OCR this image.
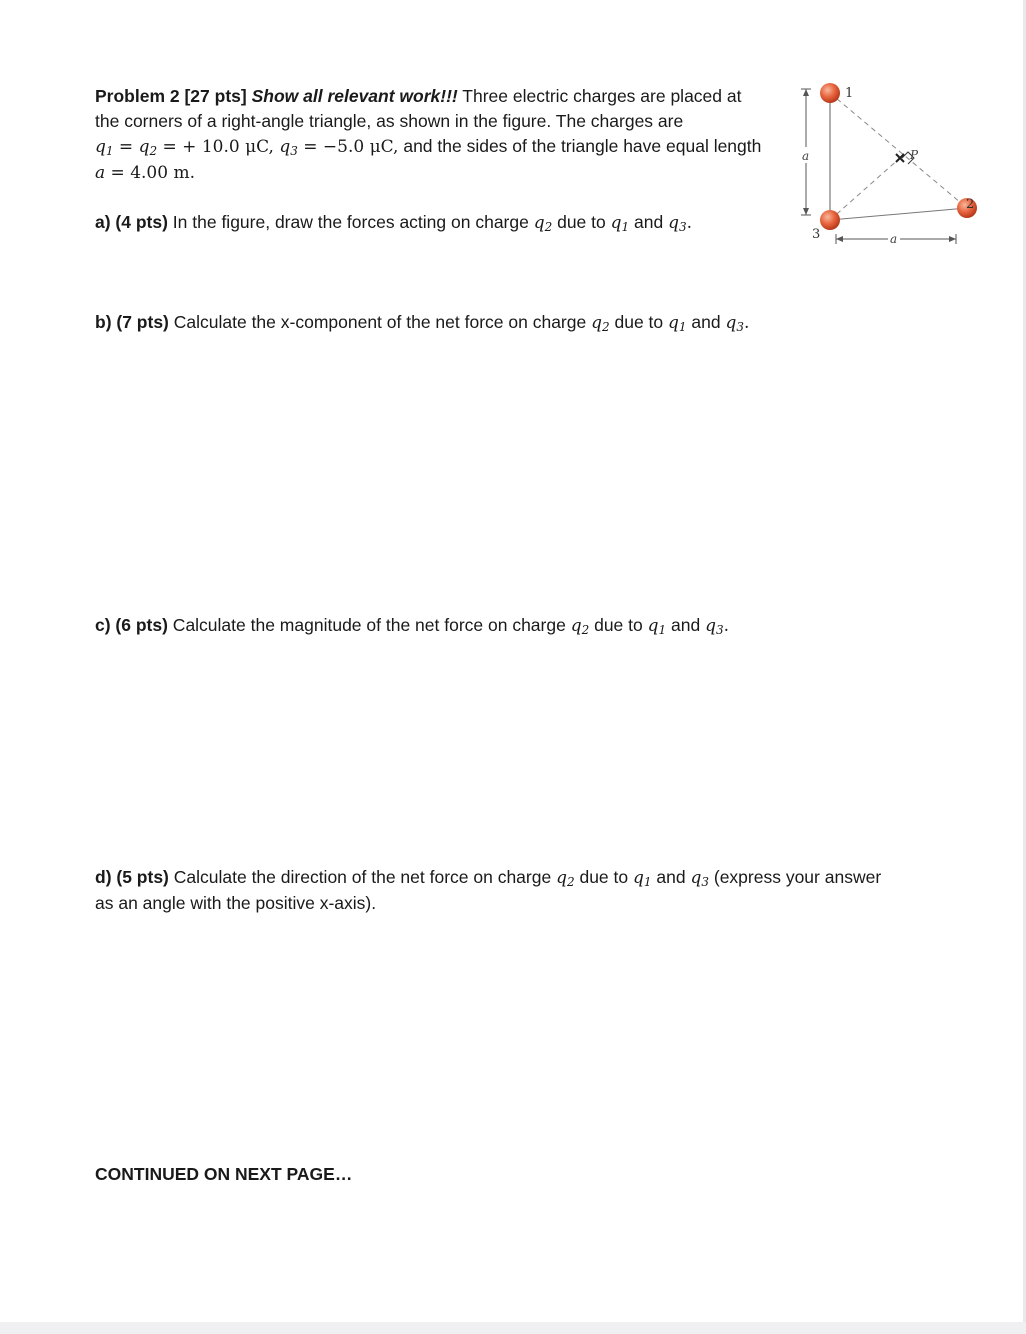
Problem 2 [27 pts] Show all relevant work!!! Three electric charges are placed at the corners of a right-angle triangle, as shown in the figure. The charges are
$q_1 = q_2$ = + 10.0 μC, $q_3 = -5.0$ μC, and the sides of the triangle have equal length a = 4.00 m.

a) (4 pts) In the figure, draw the forces acting on charge $q_2$ due to $q_1$ and $q_3$.

b) (7 pts) Calculate the x-component of the net force on charge $q_2$ due to $q_1$ and $q_3$.

c) (6 pts) Calculate the magnitude of the net force on charge $q_2$ due to $q_1$ and $q_3$.

d) (5 pts) Calculate the direction of the net force on charge $q_2$ due to $q_1$ and $q_3$ (express your answer as an angle with the positive x-axis).

CONTINUED ON NEXT PAGE…

a
a
P
1
2
3
